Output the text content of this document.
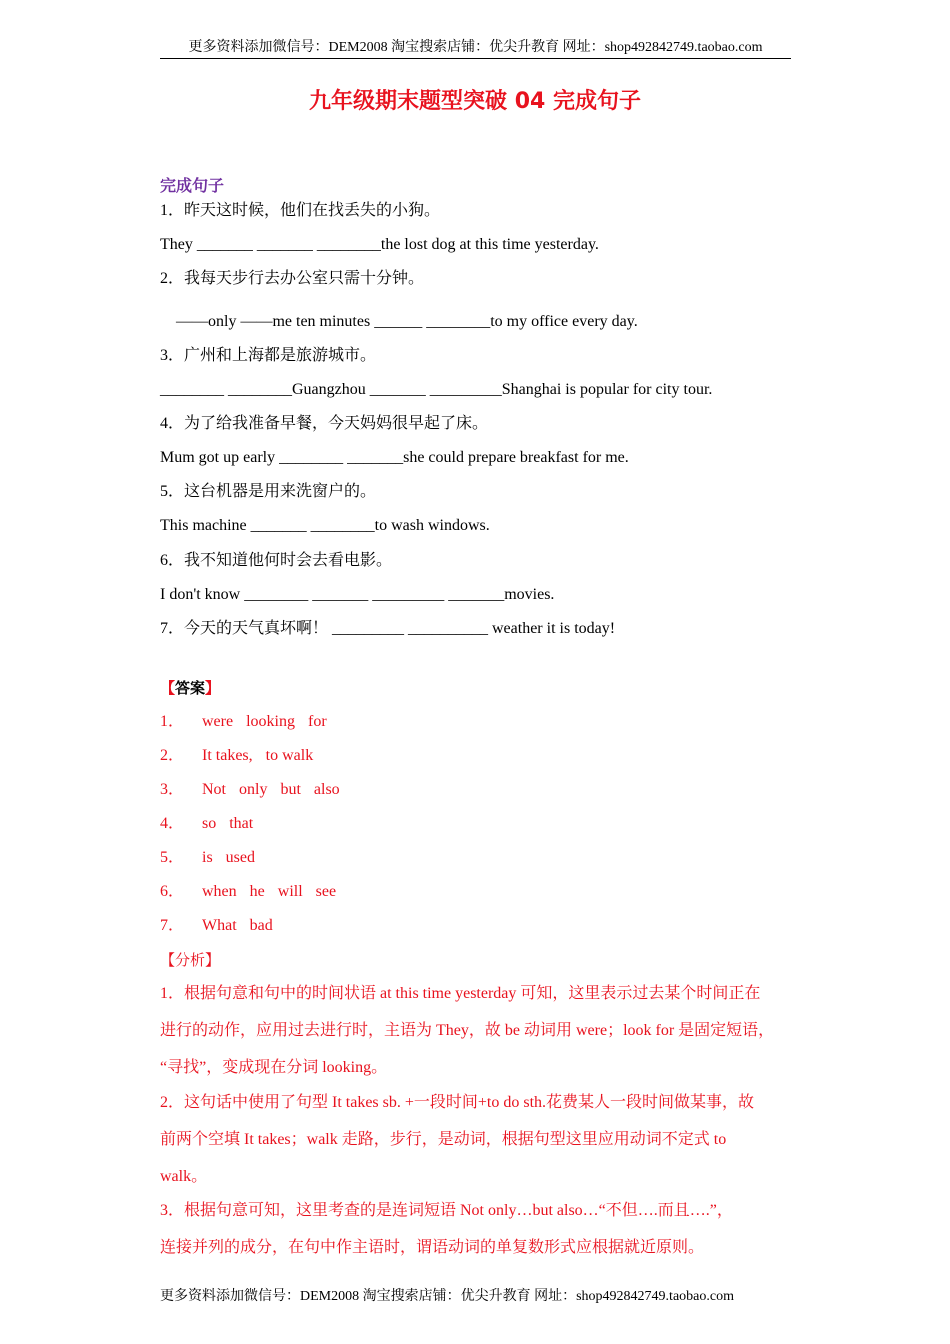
更多资料添加微信号：DEM2008 淘宝搜索店铺：优尖升教育 网址：shop492842749.taobao.com
九年级期末题型突破 04 完成句子
完成句子
1．昨天这时候，他们在找丢失的小狗。
They _______ _______ ________the lost dog at this time yesterday.
2．我每天步行去办公室只需十分钟。
——only ——me ten minutes ______ ________to my office every day.
3．广州和上海都是旅游城市。
________ ________Guangzhou _______ _________Shanghai is popular for city tour.
4．为了给我准备早餐，今天妈妈很早起了床。
Mum got up early ________ _______she could prepare breakfast for me.
5．这台机器是用来洗窗户的。
This machine _______ ________to wash windows.
6．我不知道他何时会去看电影。
I don't know ________ _______ _________ _______movies.
7．今天的天气真坏啊！ _________ __________ weather it is today!
【答案】
1． were looking for
2． It takes, to walk
3． Not only but also
4． so that
5． is used
6． when he will see
7． What bad
【分析】
1．根据句意和句中的时间状语 at this time yesterday 可知，这里表示过去某个时间正在
进行的动作，应用过去进行时，主语为 They，故 be 动词用 were；look for 是固定短语，
“寻找”，变成现在分词 looking。
2．这句话中使用了句型 It takes sb. +一段时间+to do sth.花费某人一段时间做某事，故
前两个空填 It takes；walk 走路，步行，是动词，根据句型这里应用动词不定式 to
walk。
3．根据句意可知，这里考查的是连词短语 Not only…but also…“不但….而且….”，
连接并列的成分，在句中作主语时，谓语动词的单复数形式应根据就近原则。
更多资料添加微信号：DEM2008 淘宝搜索店铺：优尖升教育 网址：shop492842749.taobao.com
